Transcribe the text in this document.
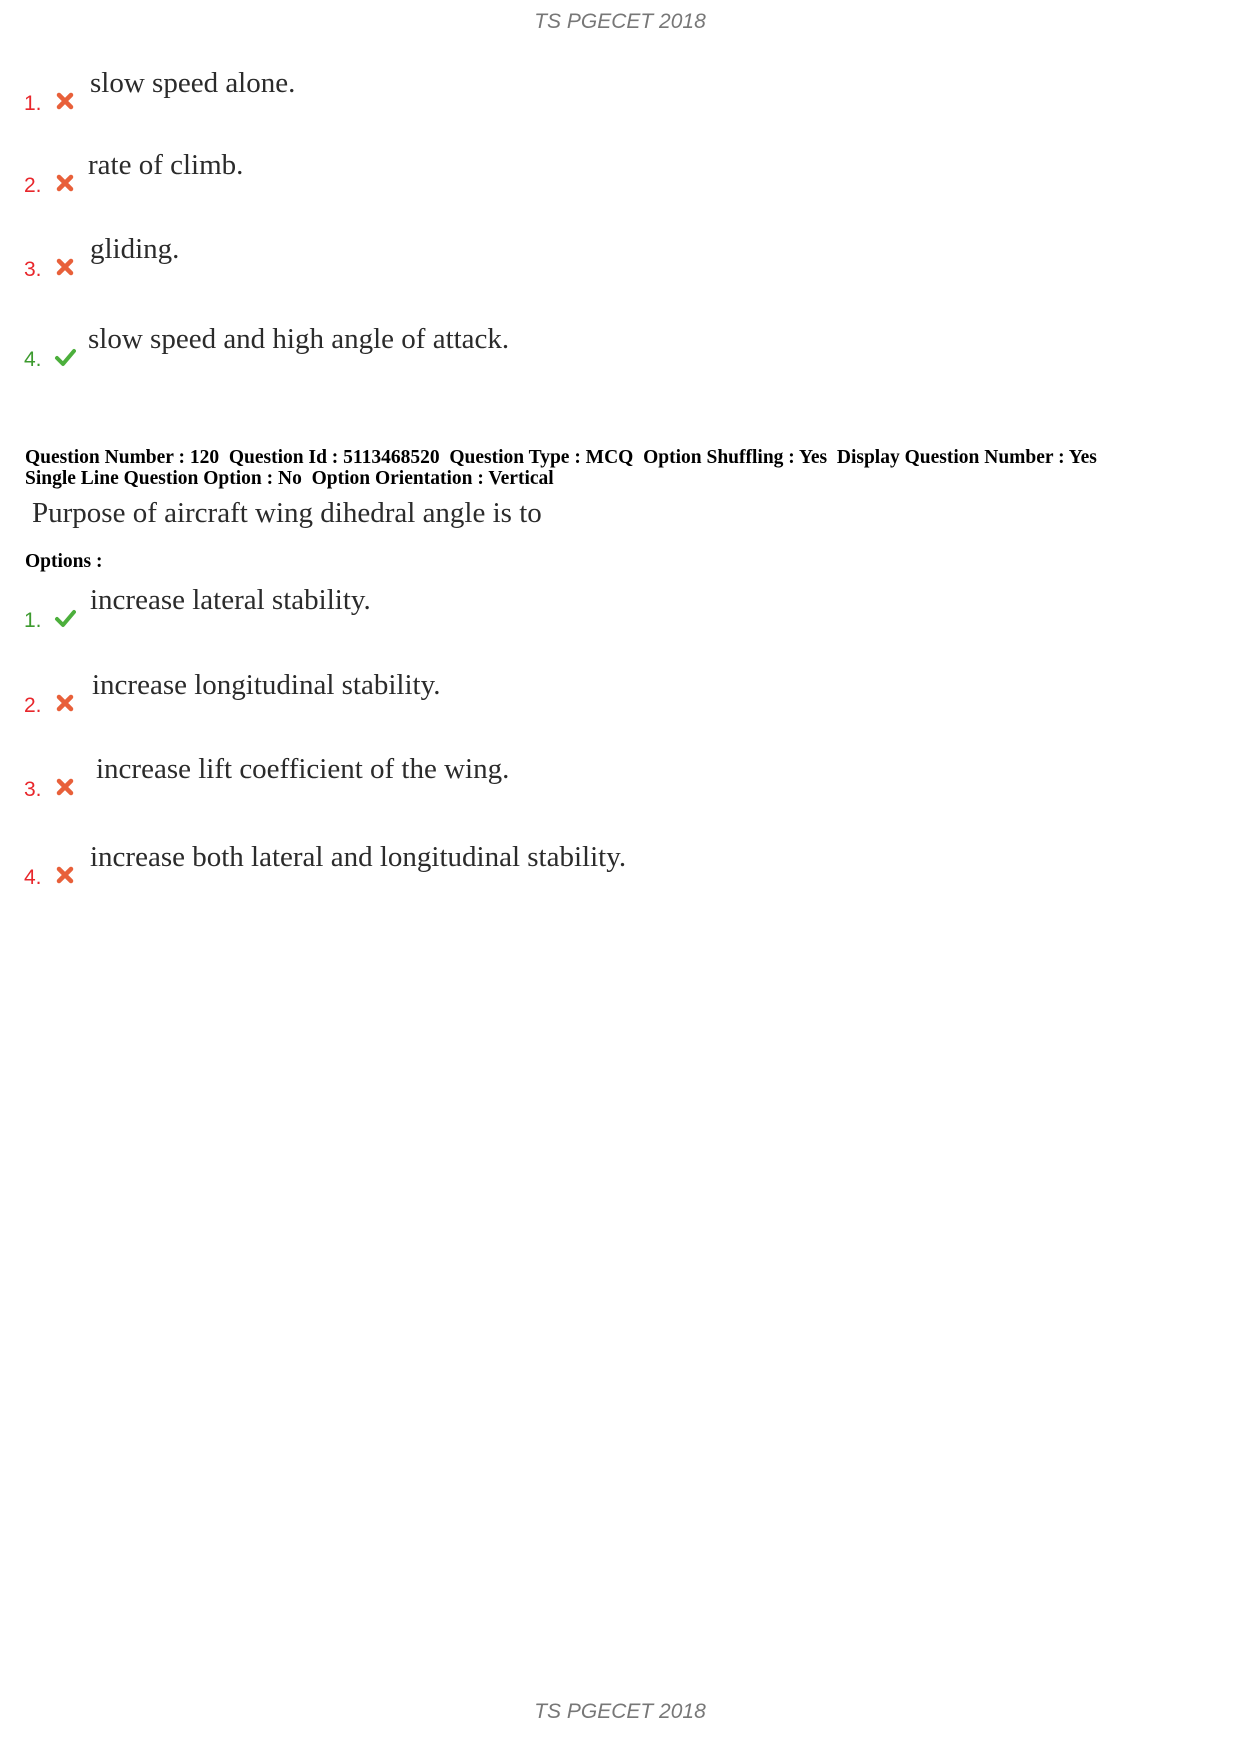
TS PGECET 2018
1.
slow speed alone.
2.
rate of climb.
3.
gliding.
4.
slow speed and high angle of attack.
Question Number : 120  Question Id : 5113468520  Question Type : MCQ  Option Shuffling : Yes  Display Question Number : Yes
Single Line Question Option : No  Option Orientation : Vertical
Purpose of aircraft wing dihedral angle is to
Options :
1.
increase lateral stability.
2.
increase longitudinal stability.
3.
increase lift coefficient of the wing.
4.
increase both lateral and longitudinal stability.
TS PGECET 2018
